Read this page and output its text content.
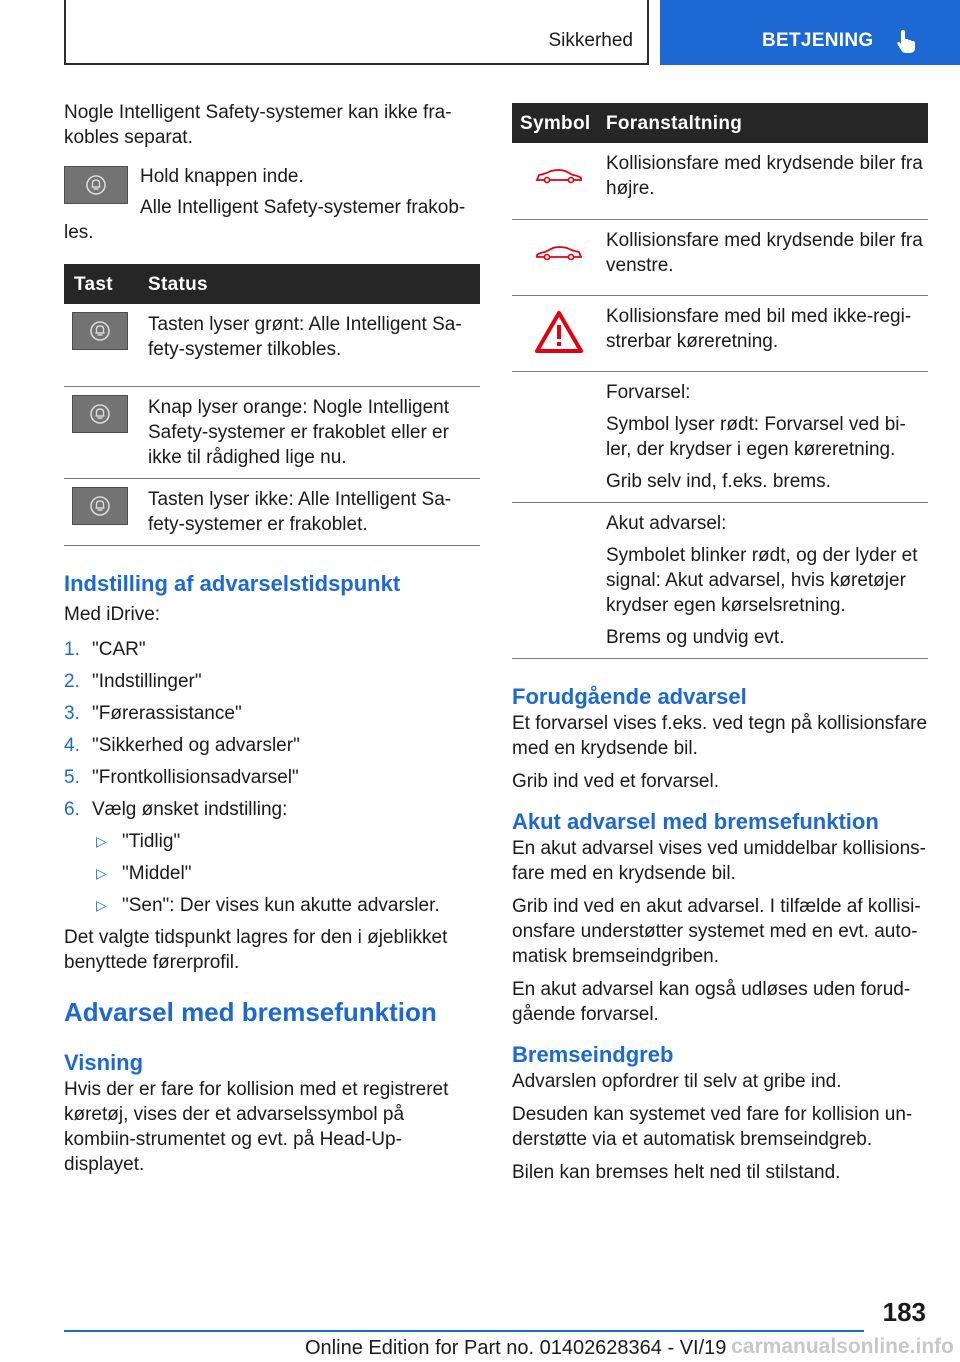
Sikkerhed	BETJENING

Nogle Intelligent Safety-systemer kan ikke fra-kobles separat.

Hold knappen inde.

Alle Intelligent Safety-systemer frakob-les.

Tast	Status

	Tasten lyser grønt: Alle Intelligent Sa-fety-systemer tilkobles.

	Knap lyser orange: Nogle Intelligent Safety-systemer er frakoblet eller er ikke til rådighed lige nu.

	Tasten lyser ikke: Alle Intelligent Sa-fety-systemer er frakoblet.
Indstilling af advarselstidspunkt

Med iDrive:

1. "CAR"
2. "Indstillinger"
3. "Førerassistance"
4. "Sikkerhed og advarsler"
5. "Frontkollisionsadvarsel"
6. Vælg ønsket indstilling:
▷ "Tidlig"
▷ "Middel"
▷ "Sen": Der vises kun akutte advarsler.

Det valgte tidspunkt lagres for den i øjeblikket benyttede førerprofil.

Advarsel med bremsefunktion
Visning

Hvis der er fare for kollision med et registreret køretøj, vises der et advarselssymbol på kombiin-strumentet og evt. på Head-Up-displayet.

Symbol	Foranstaltning

	Kollisionsfare med krydsende biler fra højre.

	Kollisionsfare med krydsende biler fra venstre.

	Kollisionsfare med bil med ikke-regi-strerbar køreretning.

	Forvarsel:

Symbol lyser rødt: Forvarsel ved bi-ler, der krydser i egen køreretning.

Grib selv ind, f.eks. brems.

	Akut advarsel:

Symbolet blinker rødt, og der lyder et signal: Akut advarsel, hvis køretøjer krydser egen kørselsretning.

Brems og undvig evt.

Forudgående advarsel

Et forvarsel vises f.eks. ved tegn på kollisionsfare med en krydsende bil.

Grib ind ved et forvarsel.

Akut advarsel med bremsefunktion

En akut advarsel vises ved umiddelbar kollisions-fare med en krydsende bil.

Grib ind ved en akut advarsel. I tilfælde af kollisi-onsfare understøtter systemet med en evt. auto-matisk bremseindgriben.

En akut advarsel kan også udløses uden forud-gående forvarsel.

Bremseindgreb

Advarslen opfordrer til selv at gribe ind.

Desuden kan systemet ved fare for kollision un-derstøtte via et automatisk bremseindgreb.

Bilen kan bremses helt ned til stilstand.

183
Online Edition for Part no. 01402628364 - VI/19 carmanualsonline.info
